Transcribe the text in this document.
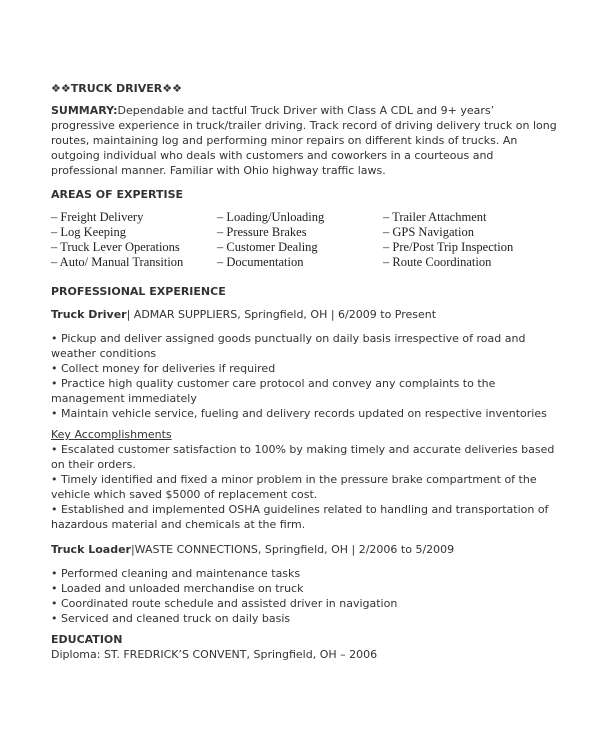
❖❖TRUCK DRIVER❖❖
SUMMARY:Dependable and tactful Truck Driver with Class A CDL and 9+ years’ progressive experience in truck/trailer driving. Track record of driving delivery truck on long routes, maintaining log and performing minor repairs on different kinds of trucks. An outgoing individual who deals with customers and coworkers in a courteous and professional manner. Familiar with Ohio highway traffic laws.
AREAS OF EXPERTISE
– Freight Delivery
– Log Keeping
– Truck Lever Operations
– Auto/ Manual Transition
– Loading/Unloading
– Pressure Brakes
– Customer Dealing
– Documentation
– Trailer Attachment
– GPS Navigation
– Pre/Post Trip Inspection
– Route Coordination
PROFESSIONAL EXPERIENCE
Truck Driver| ADMAR SUPPLIERS, Springfield, OH | 6/2009 to Present
• Pickup and deliver assigned goods punctually on daily basis irrespective of road and weather conditions
• Collect money for deliveries if required
• Practice high quality customer care protocol and convey any complaints to the management immediately
• Maintain vehicle service, fueling and delivery records updated on respective inventories
Key Accomplishments
• Escalated customer satisfaction to 100% by making timely and accurate deliveries based on their orders.
• Timely identified and fixed a minor problem in the pressure brake compartment of the vehicle which saved $5000 of replacement cost.
• Established and implemented OSHA guidelines related to handling and transportation of hazardous material and chemicals at the firm.
Truck Loader|WASTE CONNECTIONS, Springfield, OH | 2/2006 to 5/2009
• Performed cleaning and maintenance tasks
• Loaded and unloaded merchandise on truck
• Coordinated route schedule and assisted driver in navigation
• Serviced and cleaned truck on daily basis
EDUCATION
Diploma: ST. FREDRICK’S CONVENT, Springfield, OH – 2006
